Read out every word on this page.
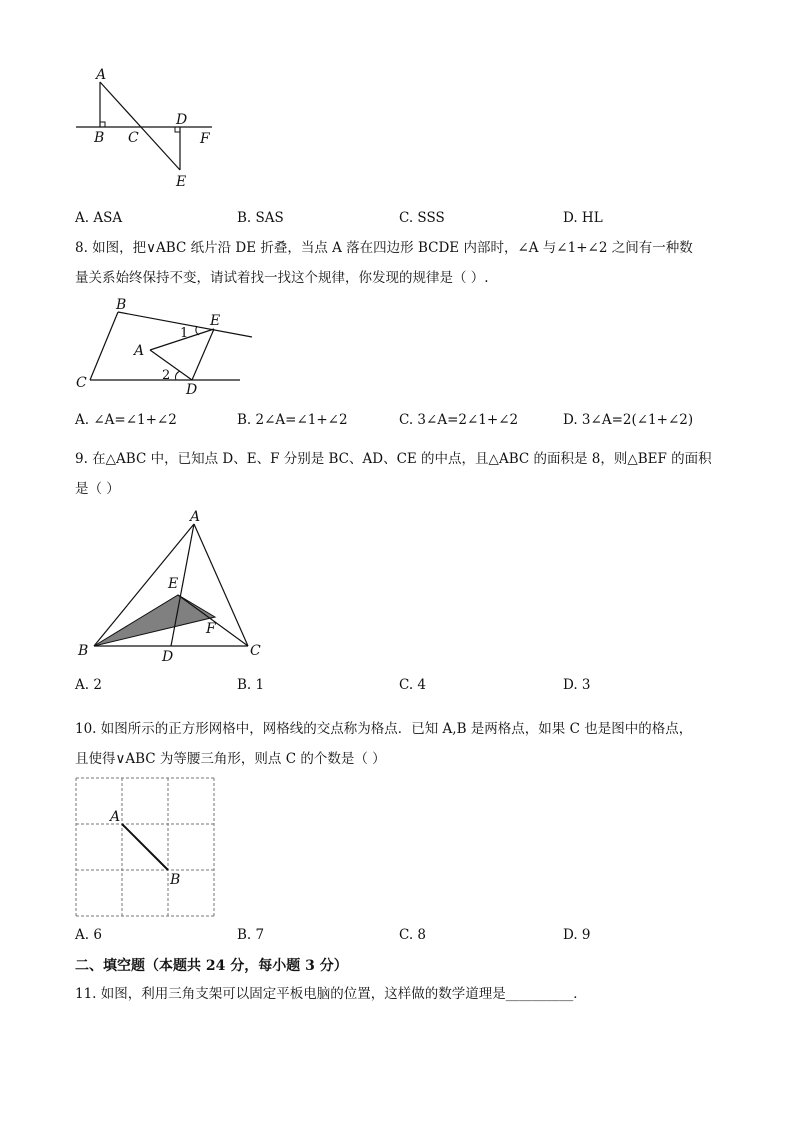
A
B C
D
F
E
A. ASA	B. SAS	C. SSS	D. HL
8. 如图，把∨ABC 纸片沿 DE 折叠，当点 A 落在四边形 BCDE 内部时，∠A 与∠1+∠2 之间有一种数
量关系始终保持不变，请试着找一找这个规律，你发现的规律是（ ）.
B
E
1
A
2
C	D
A. ∠A=∠1+∠2	B. 2∠A=∠1+∠2	C. 3∠A=2∠1+∠2	D. 3∠A=2(∠1+∠2)
9. 在△ABC 中，已知点 D、E、F 分别是 BC、AD、CE 的中点，且△ABC 的面积是 8，则△BEF 的面积
是（ ）
A
E
F
B	D	C
A. 2	B. 1	C. 4	D. 3
10. 如图所示的正方形网格中，网格线的交点称为格点．已知 A,B 是两格点，如果 C 也是图中的格点，
且使得∨ABC 为等腰三角形，则点 C 的个数是（ ）
A
B
A. 6	B. 7	C. 8	D. 9
二、填空题（本题共 24 分，每小题 3 分）
11. 如图，利用三角支架可以固定平板电脑的位置，这样做的数学道理是__________．
